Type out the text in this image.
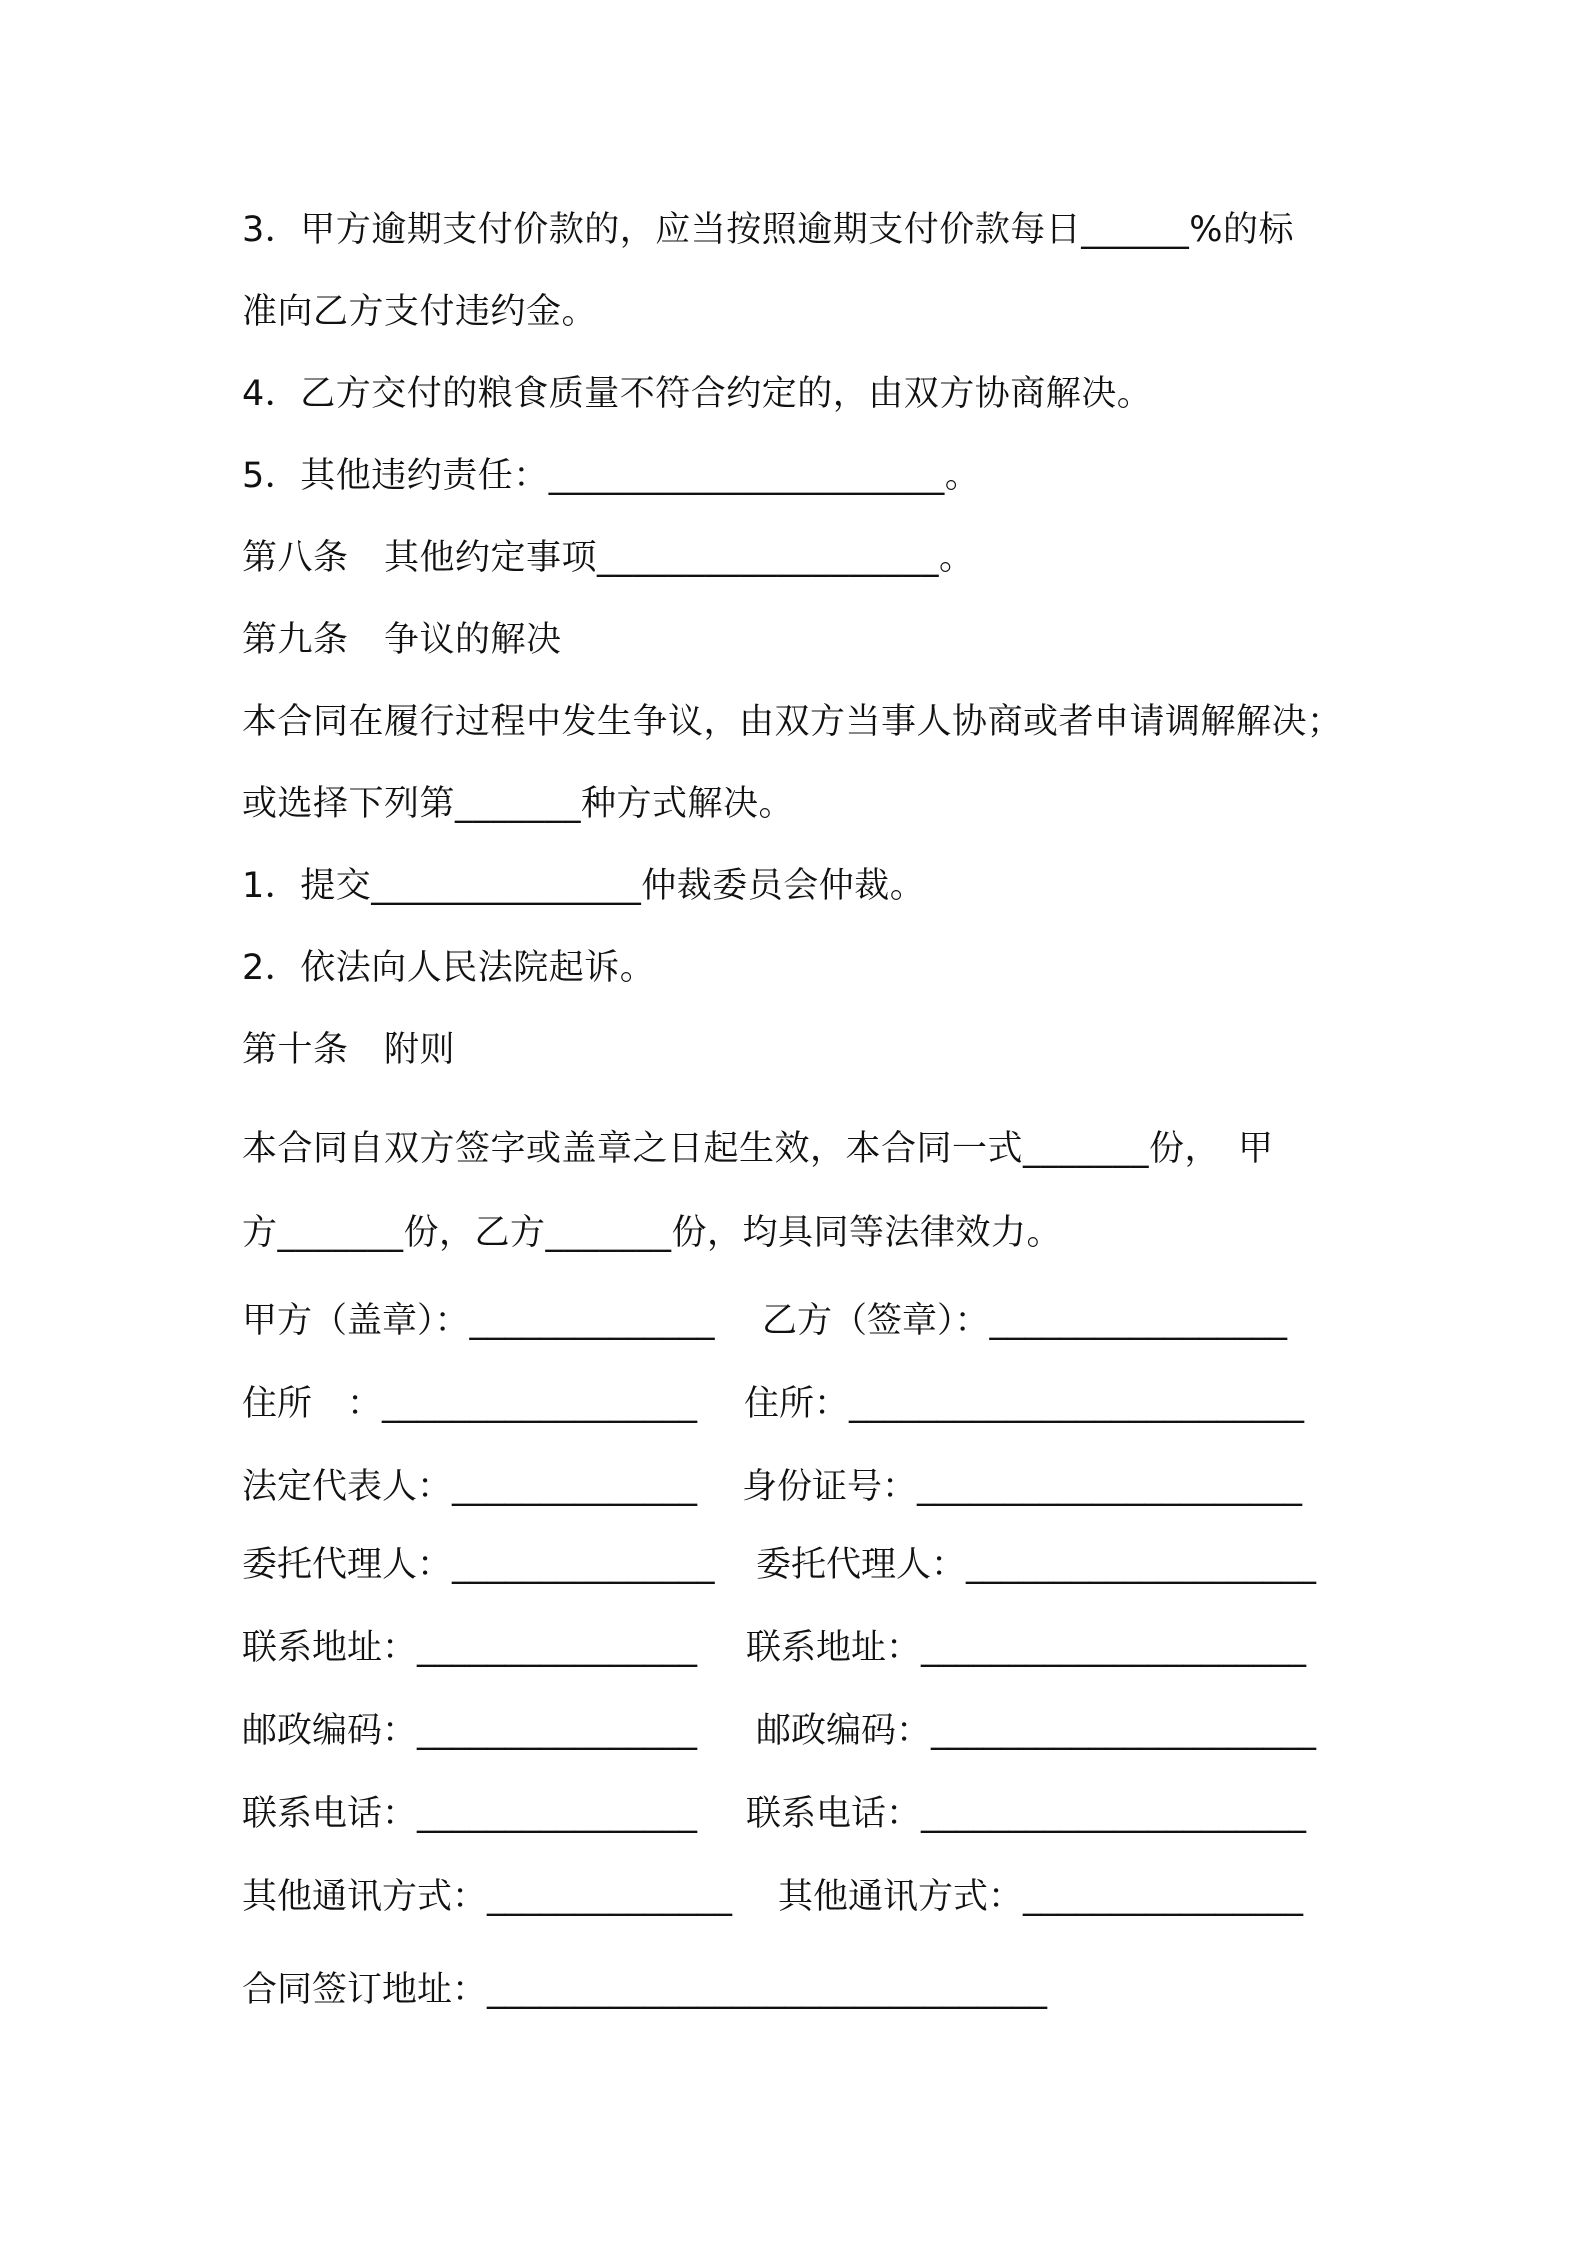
3．甲方逾期支付价款的，应当按照逾期支付价款每日______%的标
准向乙方支付违约金。
4．乙方交付的粮食质量不符合约定的，由双方协商解决。
5．其他违约责任：______________________。
第八条　其他约定事项___________________。
第九条　争议的解决
本合同在履行过程中发生争议，由双方当事人协商或者申请调解解决；
或选择下列第_______种方式解决。
1．提交_______________仲裁委员会仲裁。
2．依法向人民法院起诉。
第十条　附则
本合同自双方签字或盖章之日起生效，本合同一式_______份，　甲
方_______份，乙方_______份，均具同等法律效力。
甲方（盖章）：______________ 乙方（签章）：_________________
住所　：__________________ 住所：__________________________
法定代表人：______________ 身份证号：______________________
委托代理人：_______________ 委托代理人：____________________
联系地址：________________ 联系地址：______________________
邮政编码：________________ 邮政编码：______________________
联系电话：________________ 联系电话：______________________
其他通讯方式：______________ 其他通讯方式：________________
合同签订地址：________________________________
